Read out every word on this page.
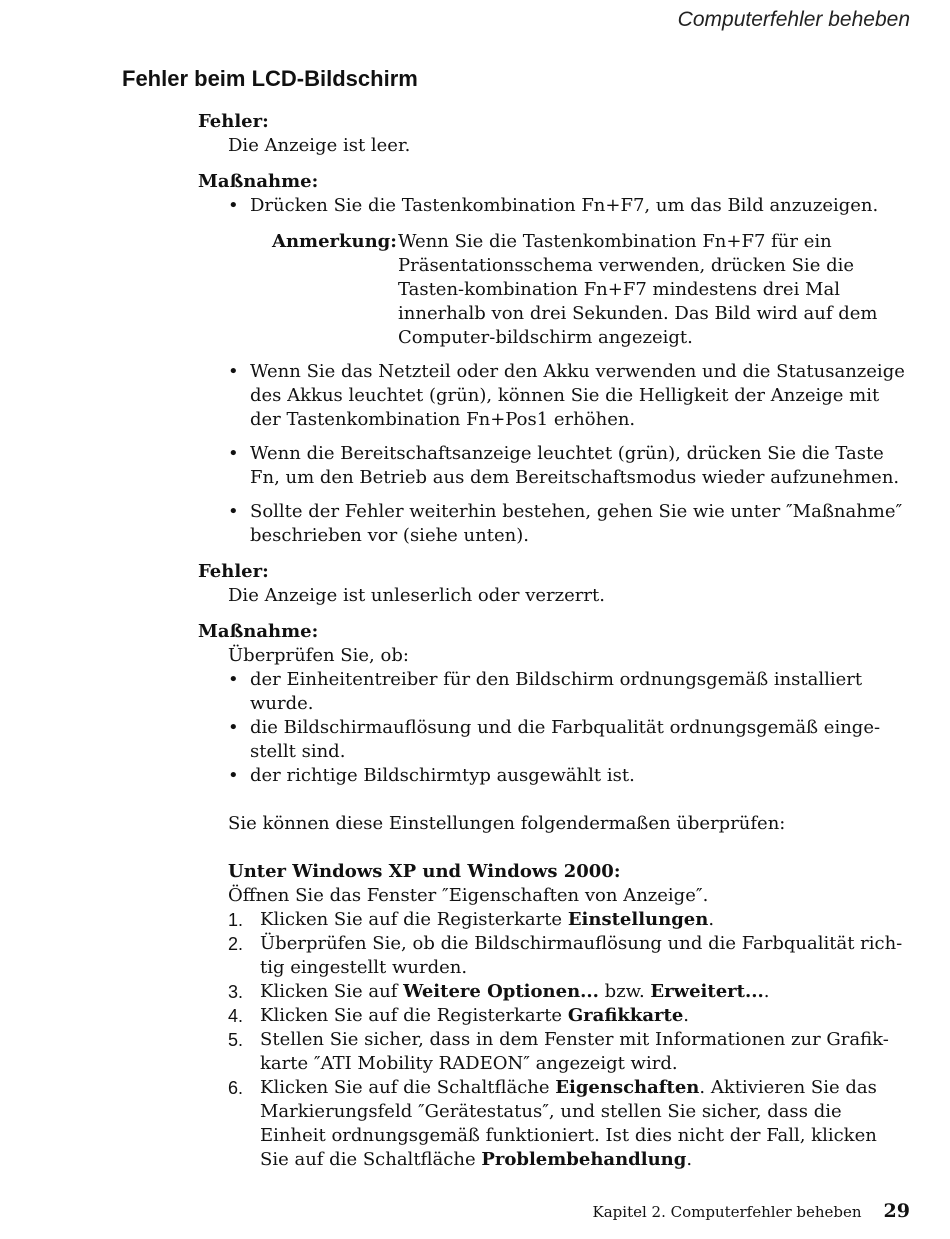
Computerfehler beheben
Fehler beim LCD-Bildschirm
Fehler:
Die Anzeige ist leer.
Maßnahme:
• Drücken Sie die Tastenkombination Fn+F7, um das Bild anzuzeigen.
Anmerkung: Wenn Sie die Tastenkombination Fn+F7 für ein Präsentationsschema verwenden, drücken Sie die Tasten-kombination Fn+F7 mindestens drei Mal innerhalb von drei Sekunden. Das Bild wird auf dem Computer-bildschirm angezeigt.
• Wenn Sie das Netzteil oder den Akku verwenden und die Statusanzeige des Akkus leuchtet (grün), können Sie die Helligkeit der Anzeige mit der Tastenkombination Fn+Pos1 erhöhen.
• Wenn die Bereitschaftsanzeige leuchtet (grün), drücken Sie die Taste Fn, um den Betrieb aus dem Bereitschaftsmodus wieder aufzunehmen.
• Sollte der Fehler weiterhin bestehen, gehen Sie wie unter ″Maßnahme″ beschrieben vor (siehe unten).
Fehler:
Die Anzeige ist unleserlich oder verzerrt.
Maßnahme:
Überprüfen Sie, ob:
• der Einheitentreiber für den Bildschirm ordnungsgemäß installiert wurde.
• die Bildschirmauflösung und die Farbqualität ordnungsgemäß einge-stellt sind.
• der richtige Bildschirmtyp ausgewählt ist.
Sie können diese Einstellungen folgendermaßen überprüfen:
Unter Windows XP und Windows 2000:
Öffnen Sie das Fenster ″Eigenschaften von Anzeige″.
1. Klicken Sie auf die Registerkarte Einstellungen.
2. Überprüfen Sie, ob die Bildschirmauflösung und die Farbqualität rich-tig eingestellt wurden.
3. Klicken Sie auf Weitere Optionen... bzw. Erweitert....
4. Klicken Sie auf die Registerkarte Grafikkarte.
5. Stellen Sie sicher, dass in dem Fenster mit Informationen zur Grafik-karte ″ATI Mobility RADEON″ angezeigt wird.
6. Klicken Sie auf die Schaltfläche Eigenschaften. Aktivieren Sie das Markierungsfeld ″Gerätestatus″, und stellen Sie sicher, dass die Einheit ordnungsgemäß funktioniert. Ist dies nicht der Fall, klicken Sie auf die Schaltfläche Problembehandlung.
Kapitel 2. Computerfehler beheben 29
